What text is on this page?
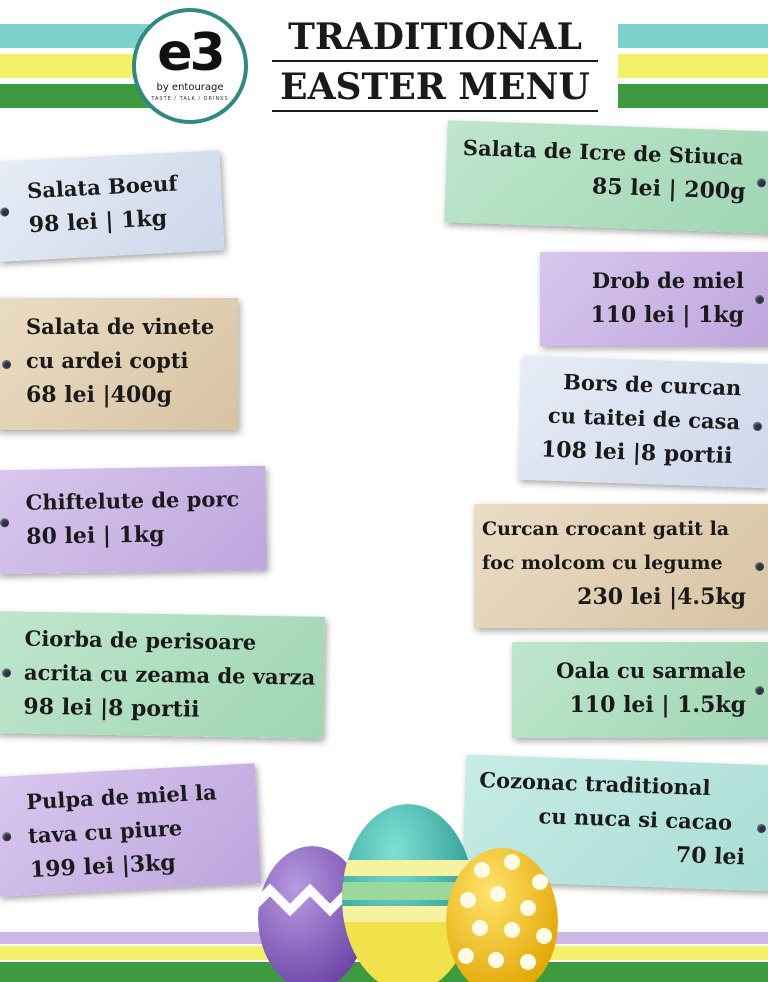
e3
by entourage
TASTE / TALK / DRINKS
TRADITIONAL
EASTER MENU
Salata Boeuf
98 lei | 1kg
Salata de vinete
cu ardei copti
68 lei |400g
Chiftelute de porc
80 lei | 1kg
Ciorba de perisoare
acrita cu zeama de varza
98 lei |8 portii
Pulpa de miel la
tava cu piure
199 lei |3kg
Salata de Icre de Stiuca
85 lei | 200g
Drob de miel
110 lei | 1kg
Bors de curcan
cu taitei de casa
108 lei |8 portii
Curcan crocant gatit la
foc molcom cu legume
230 lei |4.5kg
Oala cu sarmale
110 lei | 1.5kg
Cozonac traditional
cu nuca si cacao
70 lei
